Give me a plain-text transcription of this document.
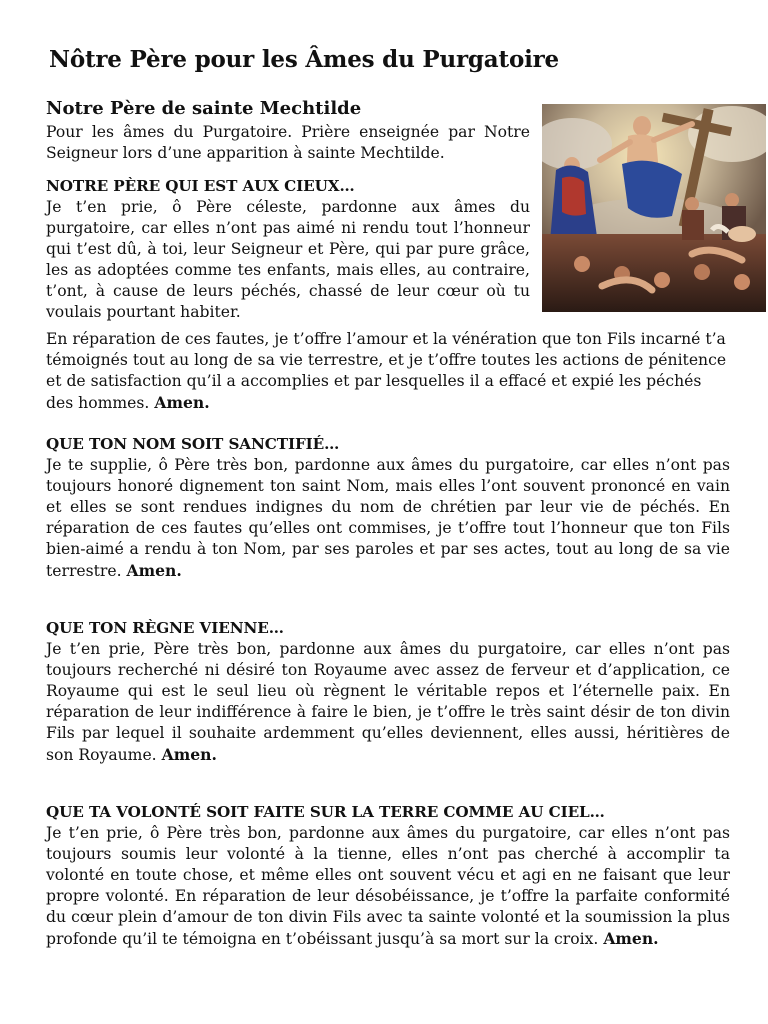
Nôtre Père pour les Âmes du Purgatoire
Notre Père de sainte Mechtilde

Pour les âmes du Purgatoire. Prière enseignée par Notre Seigneur lors d’une apparition à sainte Mechtilde.

NOTRE PÈRE QUI EST AUX CIEUX…

Je t’en prie, ô Père céleste, pardonne aux âmes du purgatoire, car elles n’ont pas aimé ni rendu tout l’honneur qui t’est dû, à toi, leur Seigneur et Père, qui par pure grâce, les as adoptées comme tes enfants, mais elles, au contraire, t’ont, à cause de leurs péchés, chassé de leur cœur où tu voulais pourtant habiter.

En réparation de ces fautes, je t’offre l’amour et la vénération que ton Fils incarné t’a témoignés tout au long de sa vie terrestre, et je t’offre toutes les actions de pénitence et de satisfaction qu’il a accomplies et par lesquelles il a effacé et expié les péchés des hommes. Amen.

QUE TON NOM SOIT SANCTIFIÉ…

Je te supplie, ô Père très bon, pardonne aux âmes du purgatoire, car elles n’ont pas toujours honoré dignement ton saint Nom, mais elles l’ont souvent prononcé en vain et elles se sont rendues indignes du nom de chrétien par leur vie de péchés. En réparation de ces fautes qu’elles ont commises, je t’offre tout l’honneur que ton Fils bien-aimé a rendu à ton Nom, par ses paroles et par ses actes, tout au long de sa vie terrestre. Amen.

QUE TON RÈGNE VIENNE…

Je t’en prie, Père très bon, pardonne aux âmes du purgatoire, car elles n’ont pas toujours recherché ni désiré ton Royaume avec assez de ferveur et d’application, ce Royaume qui est le seul lieu où règnent le véritable repos et l’éternelle paix. En réparation de leur indifférence à faire le bien, je t’offre le très saint désir de ton divin Fils par lequel il souhaite ardemment qu’elles deviennent, elles aussi, héritières de son Royaume. Amen.

QUE TA VOLONTÉ SOIT FAITE SUR LA TERRE COMME AU CIEL…

Je t’en prie, ô Père très bon, pardonne aux âmes du purgatoire, car elles n’ont pas toujours soumis leur volonté à la tienne, elles n’ont pas cherché à accomplir ta volonté en toute chose, et même elles ont souvent vécu et agi en ne faisant que leur propre volonté. En réparation de leur désobéissance, je t’offre la parfaite conformité du cœur plein d’amour de ton divin Fils avec ta sainte volonté et la soumission la plus profonde qu’il te témoigna en t’obéissant jusqu’à sa mort sur la croix. Amen.
